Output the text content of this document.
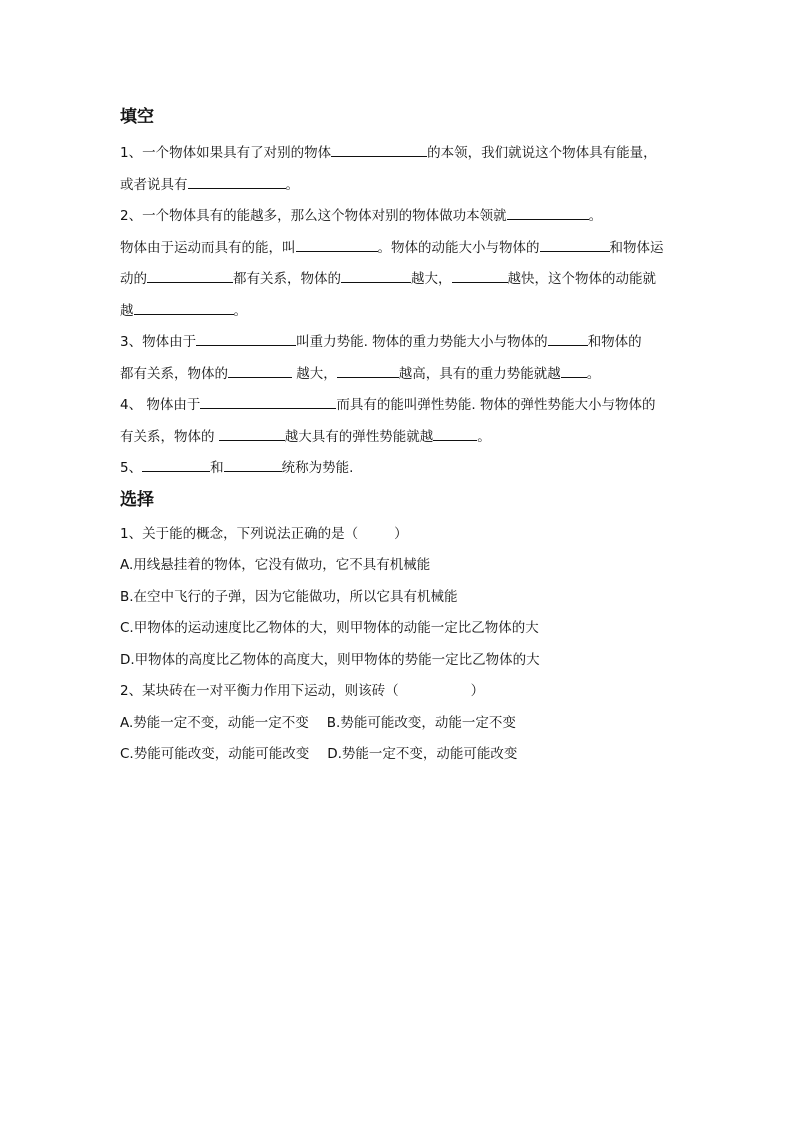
填空

1、一个物体如果具有了对别的物体	的本领，我们就说这个物体具有能量，
或者说具有	。
2、一个物体具有的能越多，那么这个物体对别的物体做功本领就	。
物体由于运动而具有的能，叫	。物体的动能大小与物体的	和物体运
动的	都有关系，物体的	越大，	越快，这个物体的动能就
越	。
3、物体由于	叫重力势能. 物体的重力势能大小与物体的	和物体的
都有关系，物体的	越大，	越高，具有的重力势能就越 。
4、 物体由于	而具有的能叫弹性势能. 物体的弹性势能大小与物体的
有关系，物体的	越大具有的弹性势能就越	。
5、	和	统称为势能.

选择

1、关于能的概念，下列说法正确的是（	）
A.用线悬挂着的物体，它没有做功，它不具有机械能
B.在空中飞行的子弹，因为它能做功，所以它具有机械能
C.甲物体的运动速度比乙物体的大，则甲物体的动能一定比乙物体的大
D.甲物体的高度比乙物体的高度大，则甲物体的势能一定比乙物体的大
2、某块砖在一对平衡力作用下运动，则该砖（	）
A.势能一定不变，动能一定不变 B.势能可能改变，动能一定不变
C.势能可能改变，动能可能改变 D.势能一定不变，动能可能改变
